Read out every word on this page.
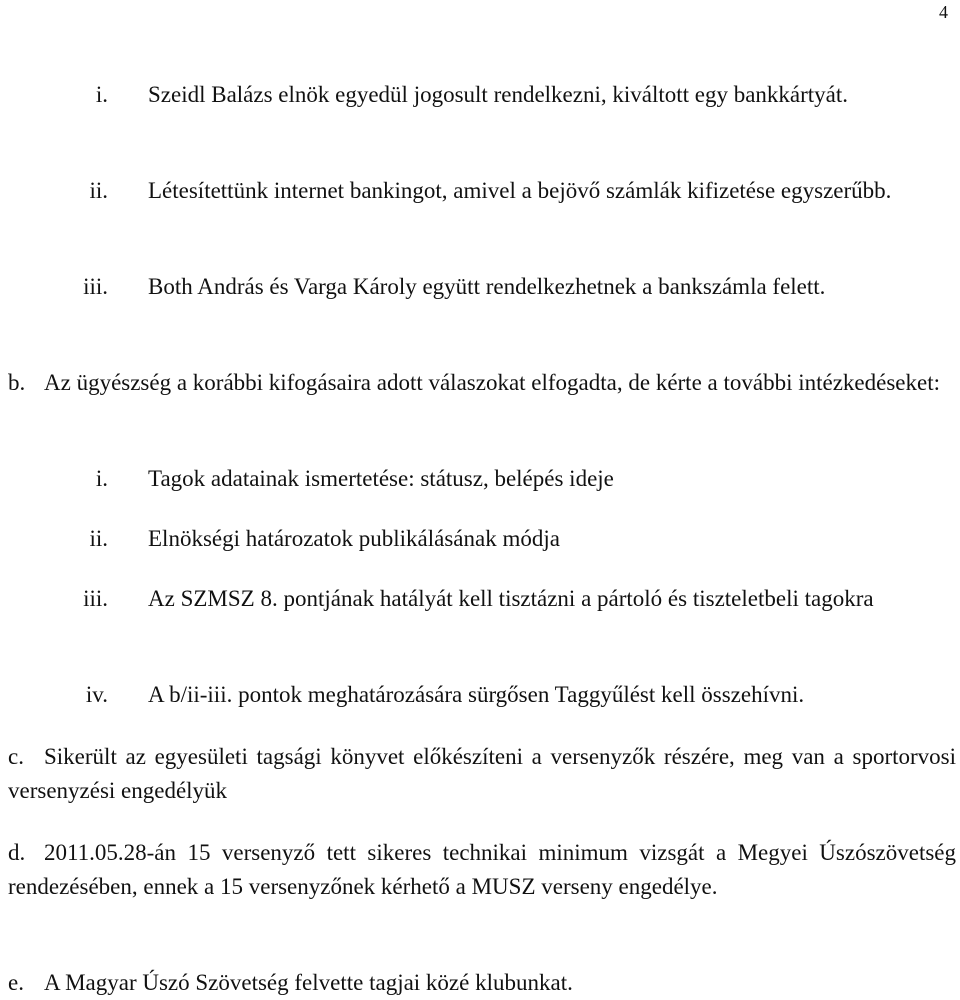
4
i. Szeidl Balázs elnök egyedül jogosult rendelkezni, kiváltott egy bankkártyát.
ii. Létesítettünk internet bankingot, amivel a bejövő számlák kifizetése egyszerűbb.
iii. Both András és Varga Károly együtt rendelkezhetnek a bankszámla felett.
b. Az ügyészség a korábbi kifogásaira adott válaszokat elfogadta, de kérte a további intézkedéseket:
i. Tagok adatainak ismertetése: státusz, belépés ideje
ii. Elnökségi határozatok publikálásának módja
iii. Az SZMSZ 8. pontjának hatályát kell tisztázni a pártoló és tiszteletbeli tagokra
iv. A b/ii-iii. pontok meghatározására sürgősen Taggyűlést kell összehívni.
c. Sikerült az egyesületi tagsági könyvet előkészíteni a versenyzők részére, meg van a sportorvosi versenyzési engedélyük
d. 2011.05.28-án 15 versenyző tett sikeres technikai minimum vizsgát a Megyei Úszószövetség rendezésében, ennek a 15 versenyzőnek kérhető a MUSZ verseny engedélye.
e. A Magyar Úszó Szövetség felvette tagjai közé klubunkat.
